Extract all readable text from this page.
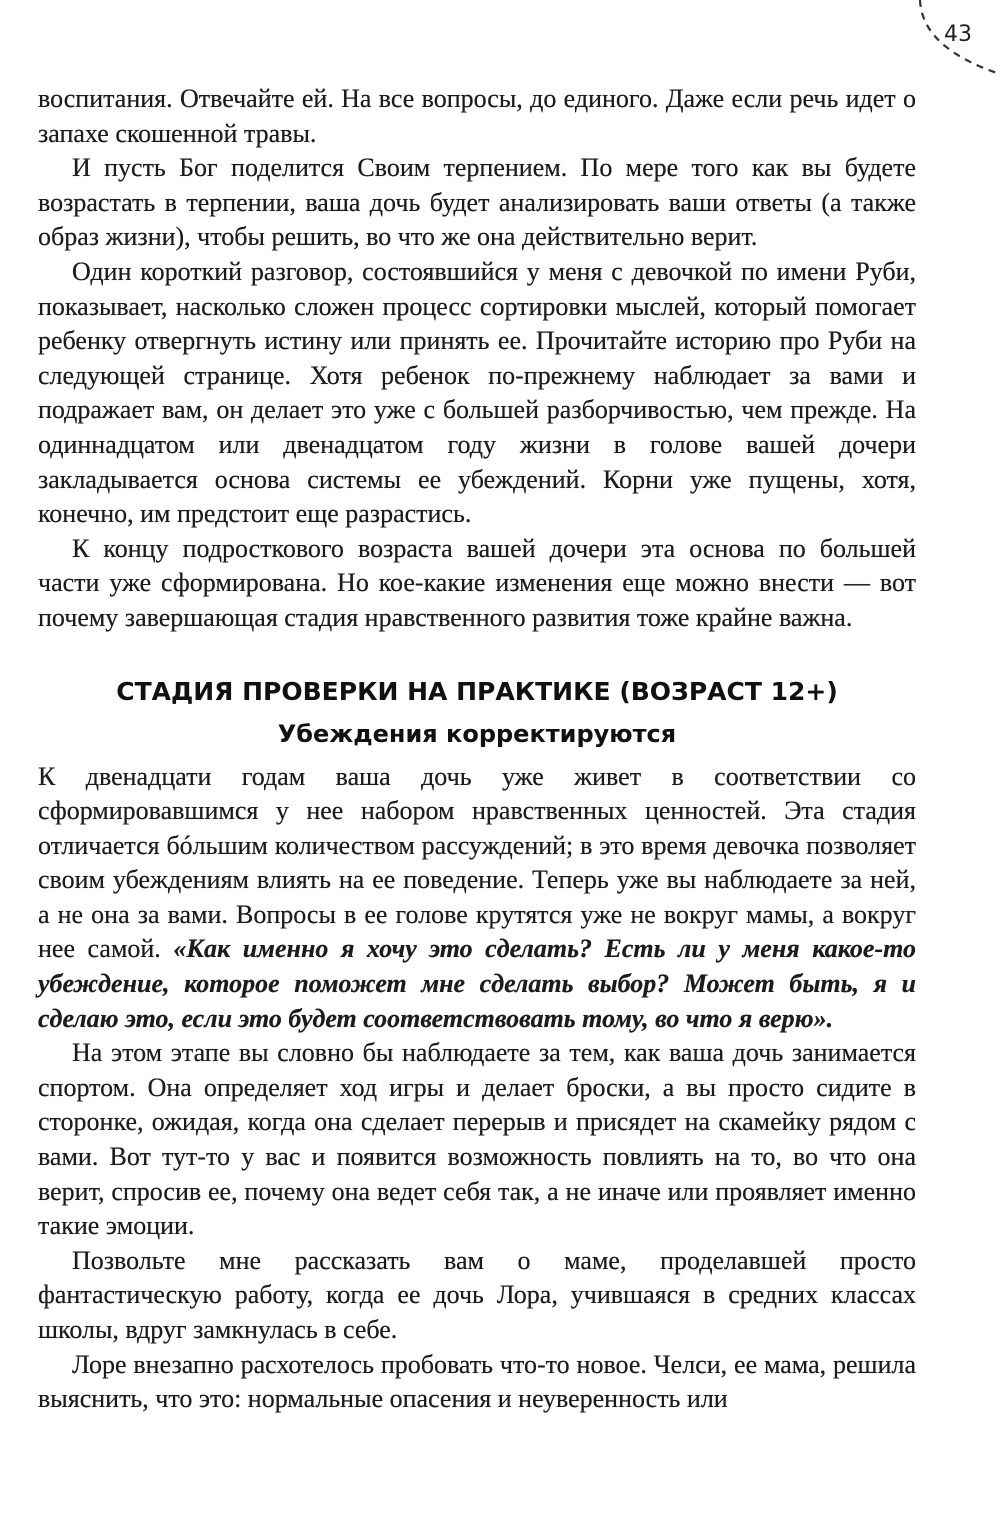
43

воспитания. Отвечайте ей. На все вопросы, до единого. Даже если речь идет о запахе скошенной травы.

И пусть Бог поделится Своим терпением. По мере того как вы будете возрастать в терпении, ваша дочь будет анализировать ваши ответы (а также образ жизни), чтобы решить, во что же она действительно верит.

Один короткий разговор, состоявшийся у меня с девочкой по имени Руби, показывает, насколько сложен процесс сортировки мыслей, который помогает ребенку отвергнуть истину или принять ее. Прочитайте историю про Руби на следующей странице. Хотя ребенок по-прежнему наблюдает за вами и подражает вам, он делает это уже с большей разборчивостью, чем прежде. На одиннадцатом или двенадцатом году жизни в голове вашей дочери закладывается основа системы ее убеждений. Корни уже пущены, хотя, конечно, им предстоит еще разрастись.

К концу подросткового возраста вашей дочери эта основа по большей части уже сформирована. Но кое-какие изменения еще можно внести — вот почему завершающая стадия нравственного развития тоже крайне важна.

СТАДИЯ ПРОВЕРКИ НА ПРАКТИКЕ (ВОЗРАСТ 12+)
Убеждения корректируются

К двенадцати годам ваша дочь уже живет в соответствии со сформировавшимся у нее набором нравственных ценностей. Эта стадия отличается бóльшим количеством рассуждений; в это время девочка позволяет своим убеждениям влиять на ее поведение. Теперь уже вы наблюдаете за ней, а не она за вами. Вопросы в ее голове крутятся уже не вокруг мамы, а вокруг нее самой. «Как именно я хочу это сделать? Есть ли у меня какое-то убеждение, которое поможет мне сделать выбор? Может быть, я и сделаю это, если это будет соответствовать тому, во что я верю».

На этом этапе вы словно бы наблюдаете за тем, как ваша дочь занимается спортом. Она определяет ход игры и делает броски, а вы просто сидите в сторонке, ожидая, когда она сделает перерыв и присядет на скамейку рядом с вами. Вот тут-то у вас и появится возможность повлиять на то, во что она верит, спросив ее, почему она ведет себя так, а не иначе или проявляет именно такие эмоции.

Позвольте мне рассказать вам о маме, проделавшей просто фантастическую работу, когда ее дочь Лора, учившаяся в средних классах школы, вдруг замкнулась в себе.

Лоре внезапно расхотелось пробовать что-то новое. Челси, ее мама, решила выяснить, что это: нормальные опасения и неуверенность или
